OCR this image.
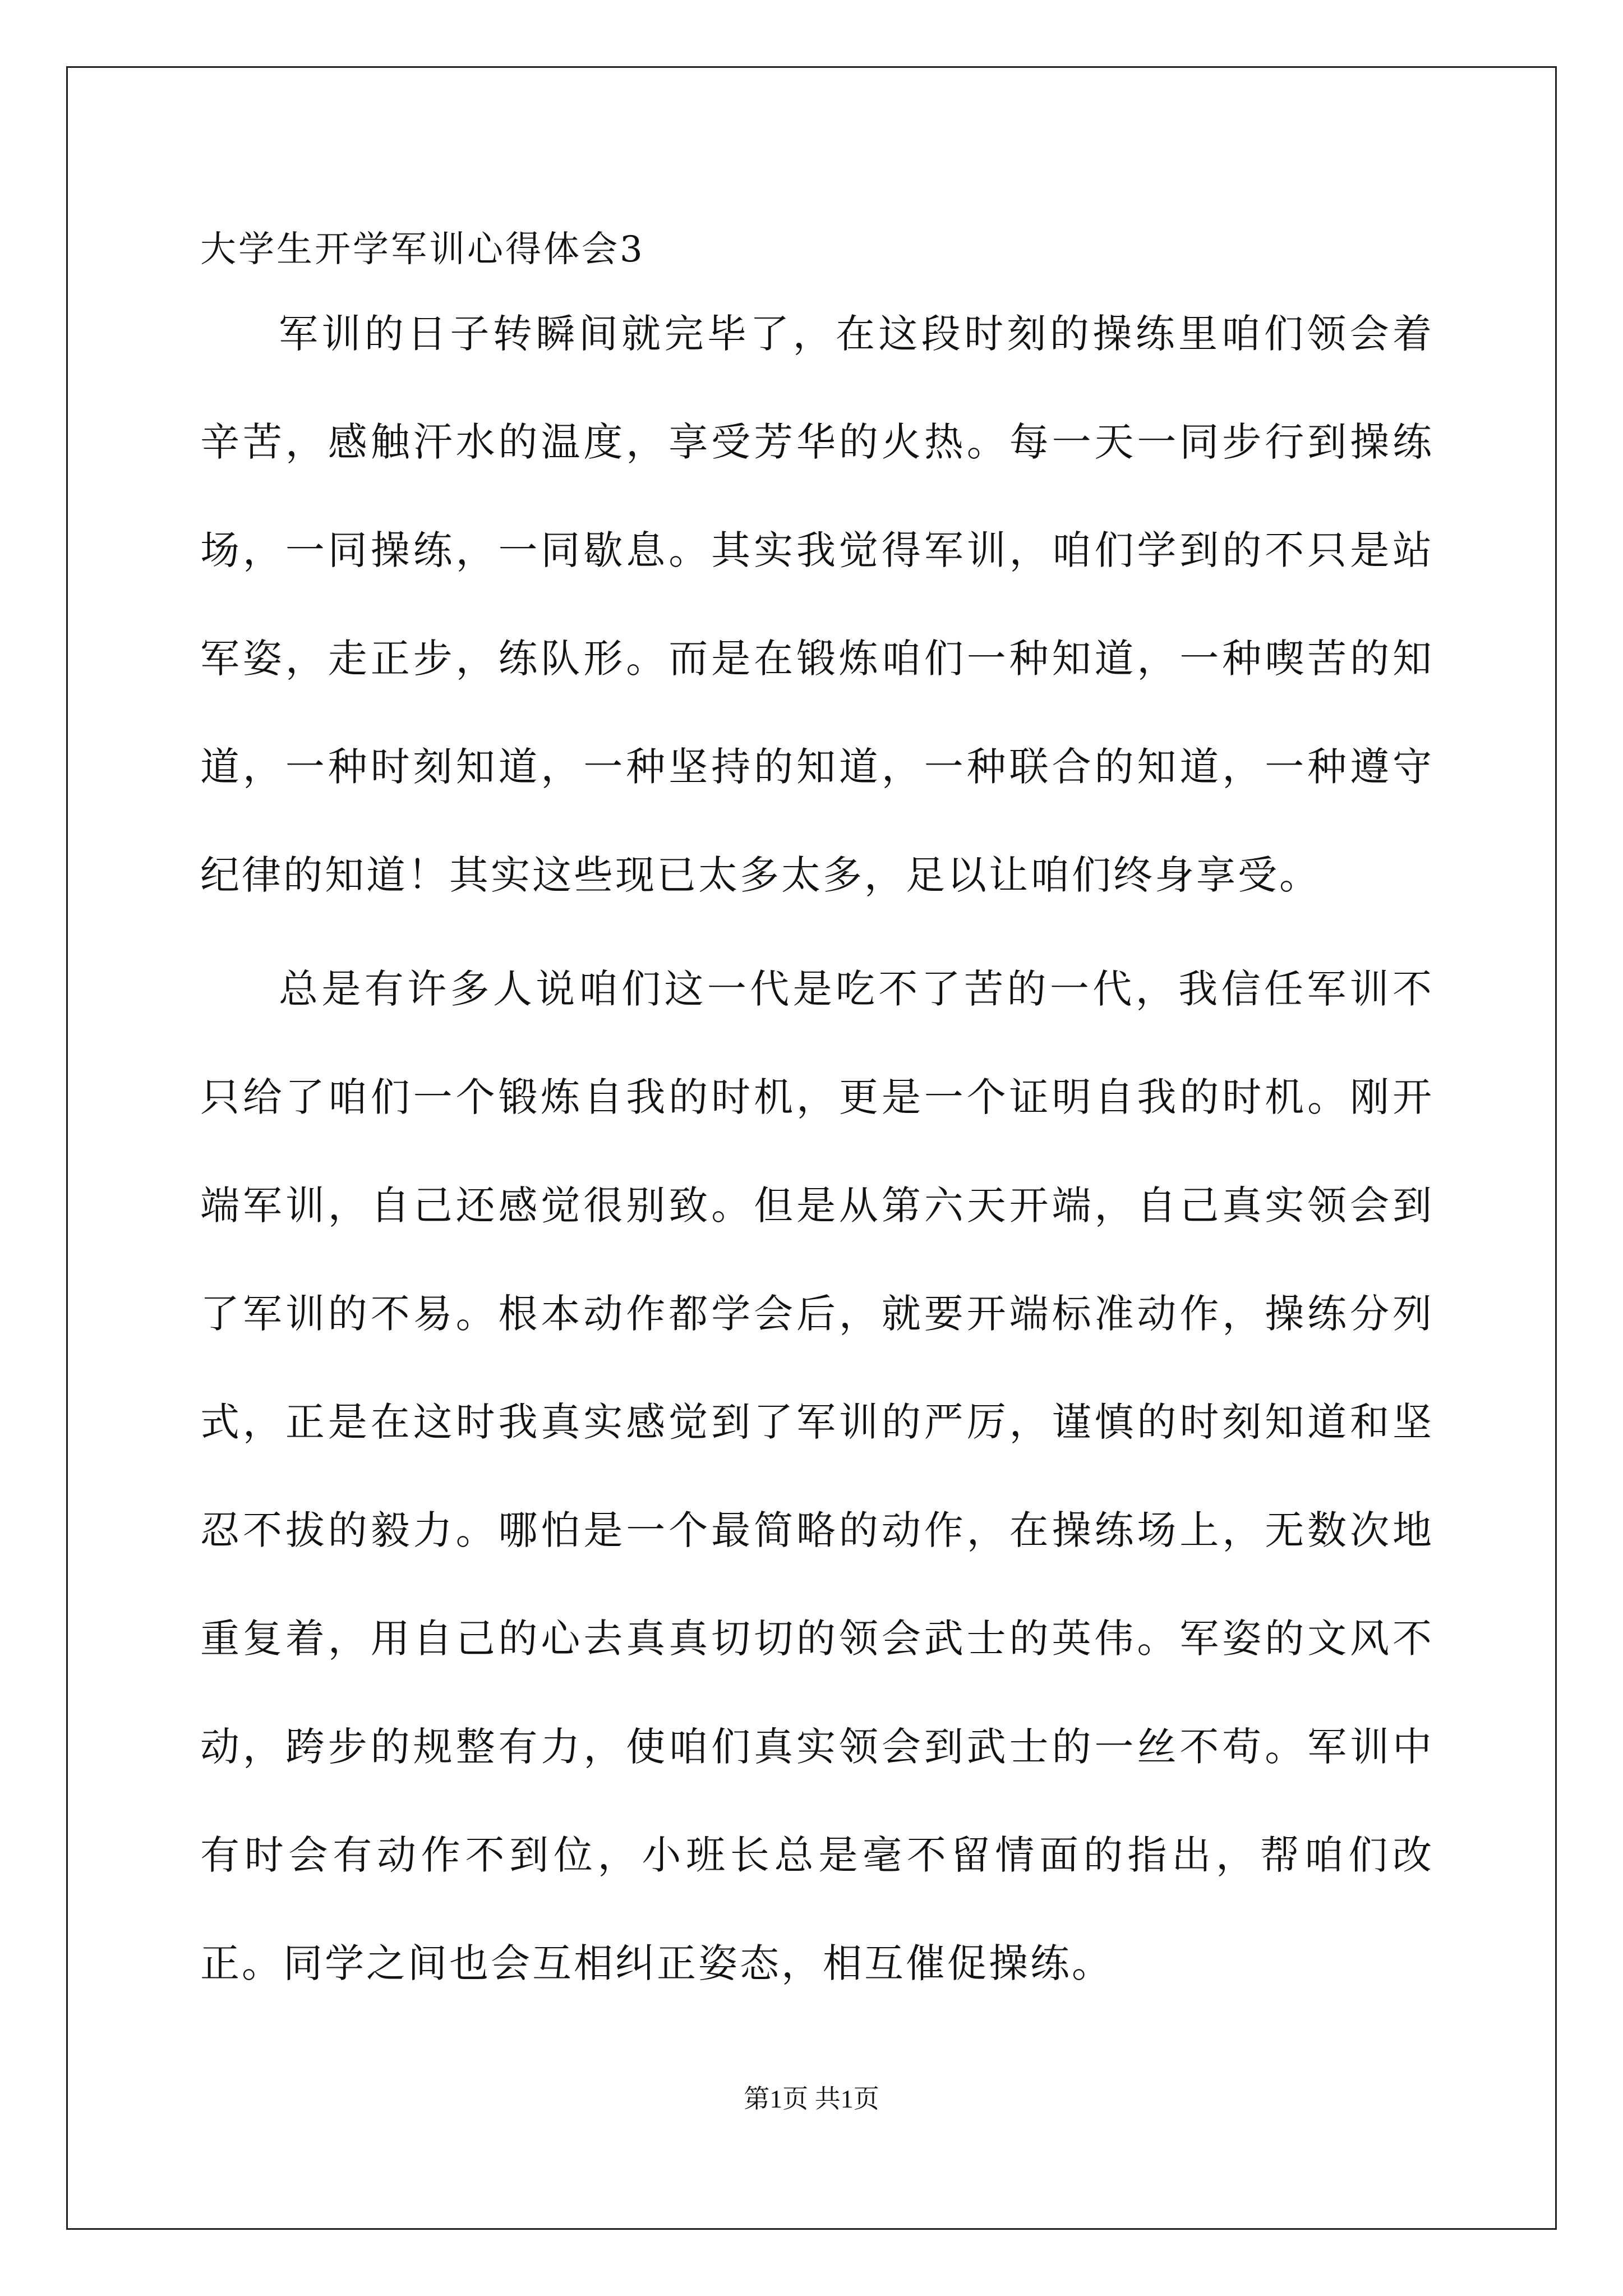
大学生开学军训心得体会3

军训的日子转瞬间就完毕了，在这段时刻的操练里咱们领会着辛苦，感触汗水的温度，享受芳华的火热。每一天一同步行到操练场，一同操练，一同歇息。其实我觉得军训，咱们学到的不只是站军姿，走正步，练队形。而是在锻炼咱们一种知道，一种喫苦的知道，一种时刻知道，一种坚持的知道，一种联合的知道，一种遵守纪律的知道！其实这些现已太多太多，足以让咱们终身享受。

总是有许多人说咱们这一代是吃不了苦的一代，我信任军训不只给了咱们一个锻炼自我的时机，更是一个证明自我的时机。刚开端军训，自己还感觉很别致。但是从第六天开端，自己真实领会到了军训的不易。根本动作都学会后，就要开端标准动作，操练分列式，正是在这时我真实感觉到了军训的严厉，谨慎的时刻知道和坚忍不拔的毅力。哪怕是一个最简略的动作，在操练场上，无数次地重复着，用自己的心去真真切切的领会武士的英伟。军姿的文风不动，跨步的规整有力，使咱们真实领会到武士的一丝不苟。军训中有时会有动作不到位，小班长总是毫不留情面的指出，帮咱们改正。同学之间也会互相纠正姿态，相互催促操练。

第1页 共1页
